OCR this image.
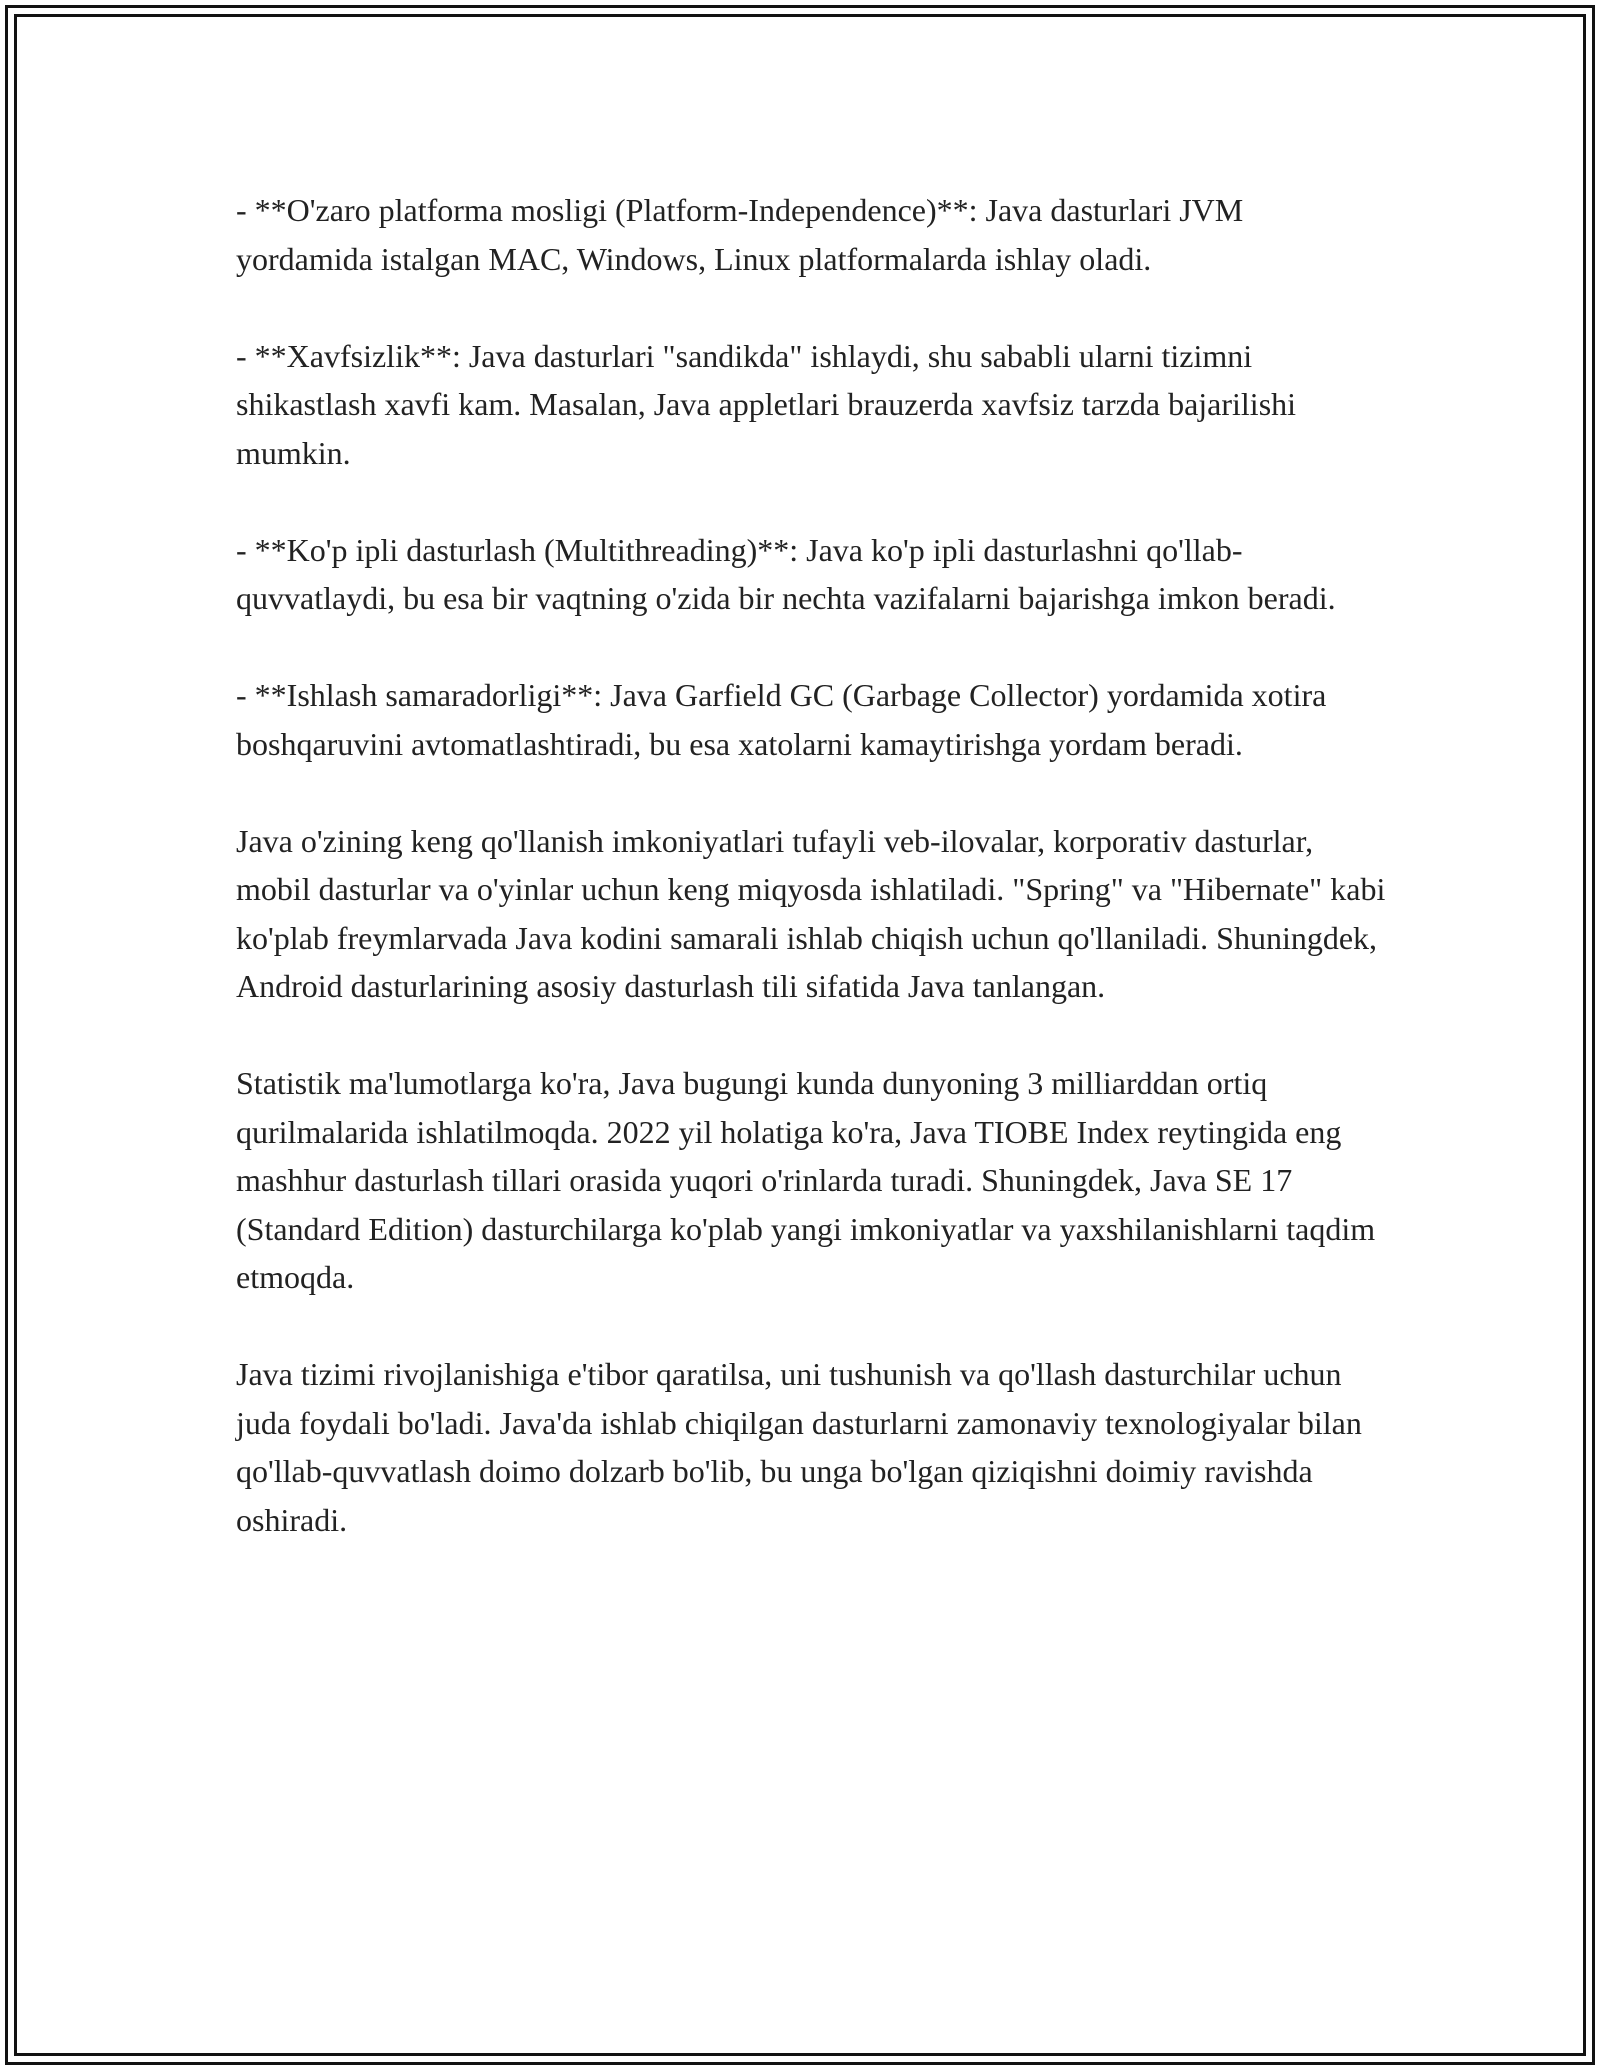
- **O'zaro platforma mosligi (Platform-Independence)**: Java dasturlari JVM yordamida istalgan MAC, Windows, Linux platformalarda ishlay oladi.

- **Xavfsizlik**: Java dasturlari "sandikda" ishlaydi, shu sababli ularni tizimni shikastlash xavfi kam. Masalan, Java appletlari brauzerda xavfsiz tarzda bajarilishi mumkin.

- **Ko'p ipli dasturlash (Multithreading)**: Java ko'p ipli dasturlashni qo'llab-quvvatlaydi, bu esa bir vaqtning o'zida bir nechta vazifalarni bajarishga imkon beradi.

- **Ishlash samaradorligi**: Java Garfield GC (Garbage Collector) yordamida xotira boshqaruvini avtomatlashtiradi, bu esa xatolarni kamaytirishga yordam beradi.

Java o'zining keng qo'llanish imkoniyatlari tufayli veb-ilovalar, korporativ dasturlar, mobil dasturlar va o'yinlar uchun keng miqyosda ishlatiladi. "Spring" va "Hibernate" kabi ko'plab freymlarvada Java kodini samarali ishlab chiqish uchun qo'llaniladi. Shuningdek, Android dasturlarining asosiy dasturlash tili sifatida Java tanlangan.

Statistik ma'lumotlarga ko'ra, Java bugungi kunda dunyoning 3 milliarddan ortiq qurilmalarida ishlatilmoqda. 2022 yil holatiga ko'ra, Java TIOBE Index reytingida eng mashhur dasturlash tillari orasida yuqori o'rinlarda turadi. Shuningdek, Java SE 17 (Standard Edition) dasturchilarga ko'plab yangi imkoniyatlar va yaxshilanishlarni taqdim etmoqda.

Java tizimi rivojlanishiga e'tibor qaratilsa, uni tushunish va qo'llash dasturchilar uchun juda foydali bo'ladi. Java'da ishlab chiqilgan dasturlarni zamonaviy texnologiyalar bilan qo'llab-quvvatlash doimo dolzarb bo'lib, bu unga bo'lgan qiziqishni doimiy ravishda oshiradi.
